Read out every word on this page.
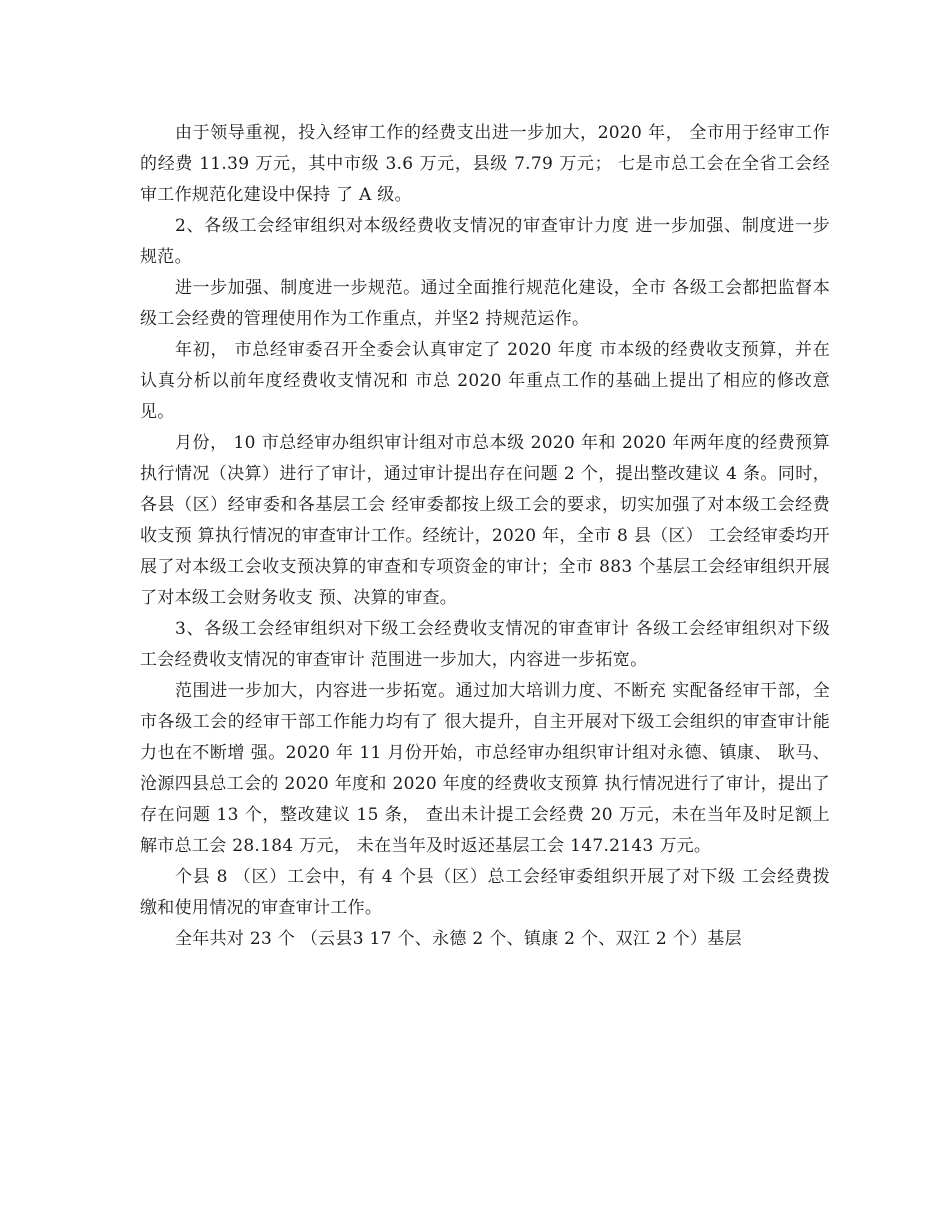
由于领导重视，投入经审工作的经费支出进一步加大，2020 年， 全市用于经审工作的经费 11.39 万元，其中市级 3.6 万元，县级 7.79 万元； 七是市总工会在全省工会经审工作规范化建设中保持 了 A 级。

2、各级工会经审组织对本级经费收支情况的审查审计力度 进一步加强、制度进一步规范。

进一步加强、制度进一步规范。通过全面推行规范化建设，全市 各级工会都把监督本级工会经费的管理使用作为工作重点，并坚2 持规范运作。

年初， 市总经审委召开全委会认真审定了 2020 年度 市本级的经费收支预算，并在认真分析以前年度经费收支情况和 市总 2020 年重点工作的基础上提出了相应的修改意见。

月份， 10 市总经审办组织审计组对市总本级 2020 年和 2020 年两年度的经费预算执行情况（决算）进行了审计，通过审计提出存在问题 2 个，提出整改建议 4 条。同时，各县（区）经审委和各基层工会 经审委都按上级工会的要求，切实加强了对本级工会经费收支预 算执行情况的审查审计工作。经统计，2020 年，全市 8 县（区） 工会经审委均开展了对本级工会收支预决算的审查和专项资金的审计；全市 883 个基层工会经审组织开展了对本级工会财务收支 预、决算的审查。

3、各级工会经审组织对下级工会经费收支情况的审查审计 各级工会经审组织对下级工会经费收支情况的审查审计 范围进一步加大，内容进一步拓宽。

范围进一步加大，内容进一步拓宽。通过加大培训力度、不断充 实配备经审干部，全市各级工会的经审干部工作能力均有了 很大提升，自主开展对下级工会组织的审查审计能力也在不断增 强。2020 年 11 月份开始，市总经审办组织审计组对永德、镇康、 耿马、沧源四县总工会的 2020 年度和 2020 年度的经费收支预算 执行情况进行了审计，提出了存在问题 13 个，整改建议 15 条， 查出未计提工会经费 20 万元，未在当年及时足额上解市总工会 28.184 万元， 未在当年及时返还基层工会 147.2143 万元。

个县 8 （区）工会中，有 4 个县（区）总工会经审委组织开展了对下级 工会经费拨缴和使用情况的审查审计工作。

全年共对 23 个 （云县3 17 个、永德 2 个、镇康 2 个、双江 2 个）基层
